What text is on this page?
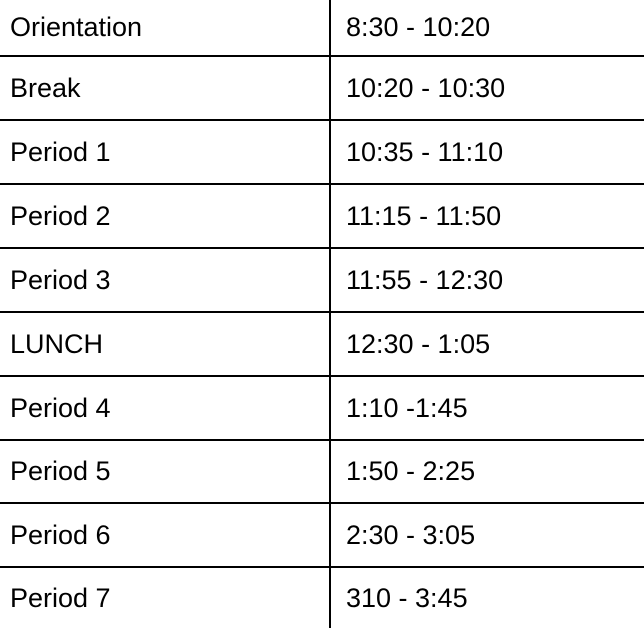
Orientation	8:30 - 10:20
Break	10:20 - 10:30
Period 1	10:35 - 11:10
Period 2	11:15 - 11:50
Period 3	11:55 - 12:30
LUNCH	12:30 - 1:05
Period 4	1:10 -1:45
Period 5	1:50 - 2:25
Period 6	2:30 - 3:05
Period 7	310 - 3:45
